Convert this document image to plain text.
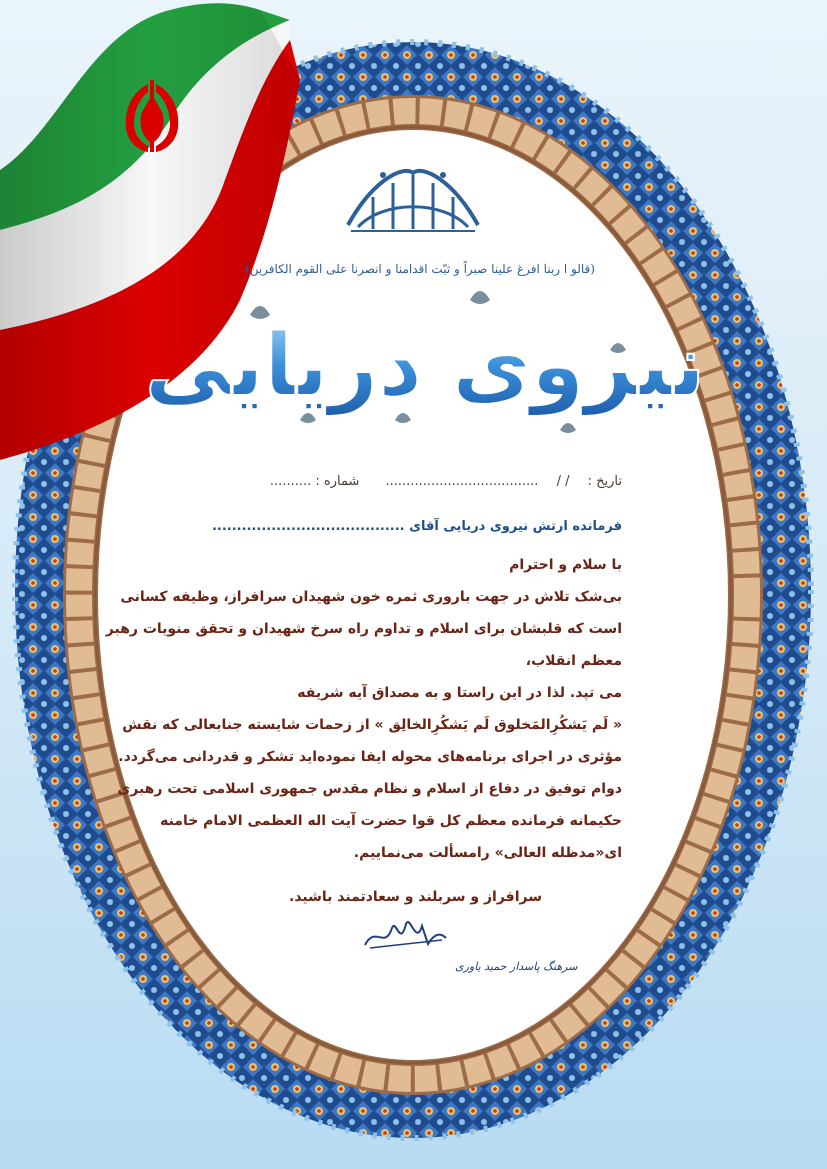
(قالو ا ربنا افرغ علینا صبراً و ثبّت اقدامنا و انصرنا علی القوم الکافرین)
نیروی دریایی
تاریخ : / / ..................................... شماره : ..........
فرمانده ارتش نیروی دریایی آقای .......................................
با سلام و احترام
بی‌شک تلاش در جهت باروری ثمره خون شهیدان سرافراز، وظیفه کسانی
است که قلبشان برای اسلام و تداوم راه سرخ شهیدان و تحقق منویات رهبر
معظم انقلاب،
می تپد. لذا در این راستا و به مصداق آیه شریفه
« لَم یَشکُرِالمَخلوق لَم یَشکُرِالخالِق » از زحمات شایسته جنابعالی که نقش
مؤثری در اجرای برنامه‌های محوله ایفا نموده‌اید تشکر و قدردانی می‌گردد.
دوام توفیق در دفاع از اسلام و نظام مقدس جمهوری اسلامی تحت رهبری
حکیمانه فرمانده معظم کل قوا حضرت آیت اله العظمی الامام خامنه
ای«مدظله العالی» رامسألت می‌نماییم.
سرافراز و سربلند و سعادتمند باشید.
سرهنگ پاسدار حمید یاوری
